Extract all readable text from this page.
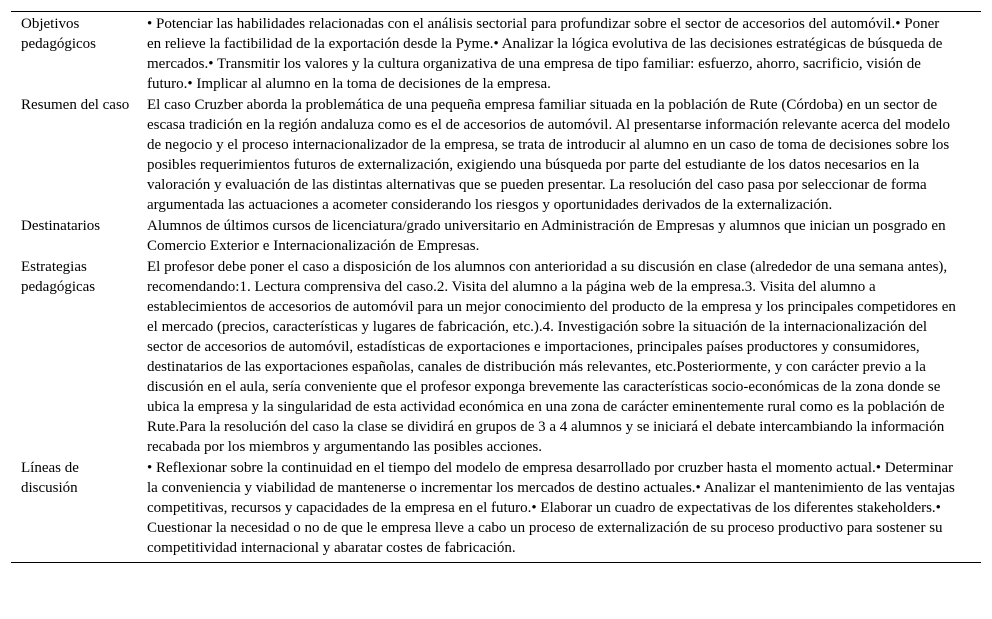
Objetivos pedagógicos	• Potenciar las habilidades relacionadas con el análisis sectorial para profundizar sobre el sector de accesorios del automóvil.• Poner en relieve la factibilidad de la exportación desde la Pyme.• Analizar la lógica evolutiva de las decisiones estratégicas de búsqueda de mercados.• Transmitir los valores y la cultura organizativa de una empresa de tipo familiar: esfuerzo, ahorro, sacrificio, visión de futuro.• Implicar al alumno en la toma de decisiones de la empresa.
Resumen del caso	El caso Cruzber aborda la problemática de una pequeña empresa familiar situada en la población de Rute (Córdoba) en un sector de escasa tradición en la región andaluza como es el de accesorios de automóvil. Al presentarse información relevante acerca del modelo de negocio y el proceso internacionalizador de la empresa, se trata de introducir al alumno en un caso de toma de decisiones sobre los posibles requerimientos futuros de externalización, exigiendo una búsqueda por parte del estudiante de los datos necesarios en la valoración y evaluación de las distintas alternativas que se pueden presentar. La resolución del caso pasa por seleccionar de forma argumentada las actuaciones a acometer considerando los riesgos y oportunidades derivados de la externalización.
Destinatarios	Alumnos de últimos cursos de licenciatura/grado universitario en Administración de Empresas y alumnos que inician un posgrado en Comercio Exterior e Internacionalización de Empresas.
Estrategias pedagógicas	El profesor debe poner el caso a disposición de los alumnos con anterioridad a su discusión en clase (alrededor de una semana antes), recomendando:1. Lectura comprensiva del caso.2. Visita del alumno a la página web de la empresa.3. Visita del alumno a establecimientos de accesorios de automóvil para un mejor conocimiento del producto de la empresa y los principales competidores en el mercado (precios, características y lugares de fabricación, etc.).4. Investigación sobre la situación de la internacionalización del sector de accesorios de automóvil, estadísticas de exportaciones e importaciones, principales países productores y consumidores, destinatarios de las exportaciones españolas, canales de distribución más relevantes, etc.Posteriormente, y con carácter previo a la discusión en el aula, sería conveniente que el profesor exponga brevemente las características socio-económicas de la zona donde se ubica la empresa y la singularidad de esta actividad económica en una zona de carácter eminentemente rural como es la población de Rute.Para la resolución del caso la clase se dividirá en grupos de 3 a 4 alumnos y se iniciará el debate intercambiando la información recabada por los miembros y argumentando las posibles acciones.
Líneas de discusión	• Reflexionar sobre la continuidad en el tiempo del modelo de empresa desarrollado por cruzber hasta el momento actual.• Determinar la conveniencia y viabilidad de mantenerse o incrementar los mercados de destino actuales.• Analizar el mantenimiento de las ventajas competitivas, recursos y capacidades de la empresa en el futuro.• Elaborar un cuadro de expectativas de los diferentes stakeholders.• Cuestionar la necesidad o no de que le empresa lleve a cabo un proceso de externalización de su proceso productivo para sostener su competitividad internacional y abaratar costes de fabricación.
